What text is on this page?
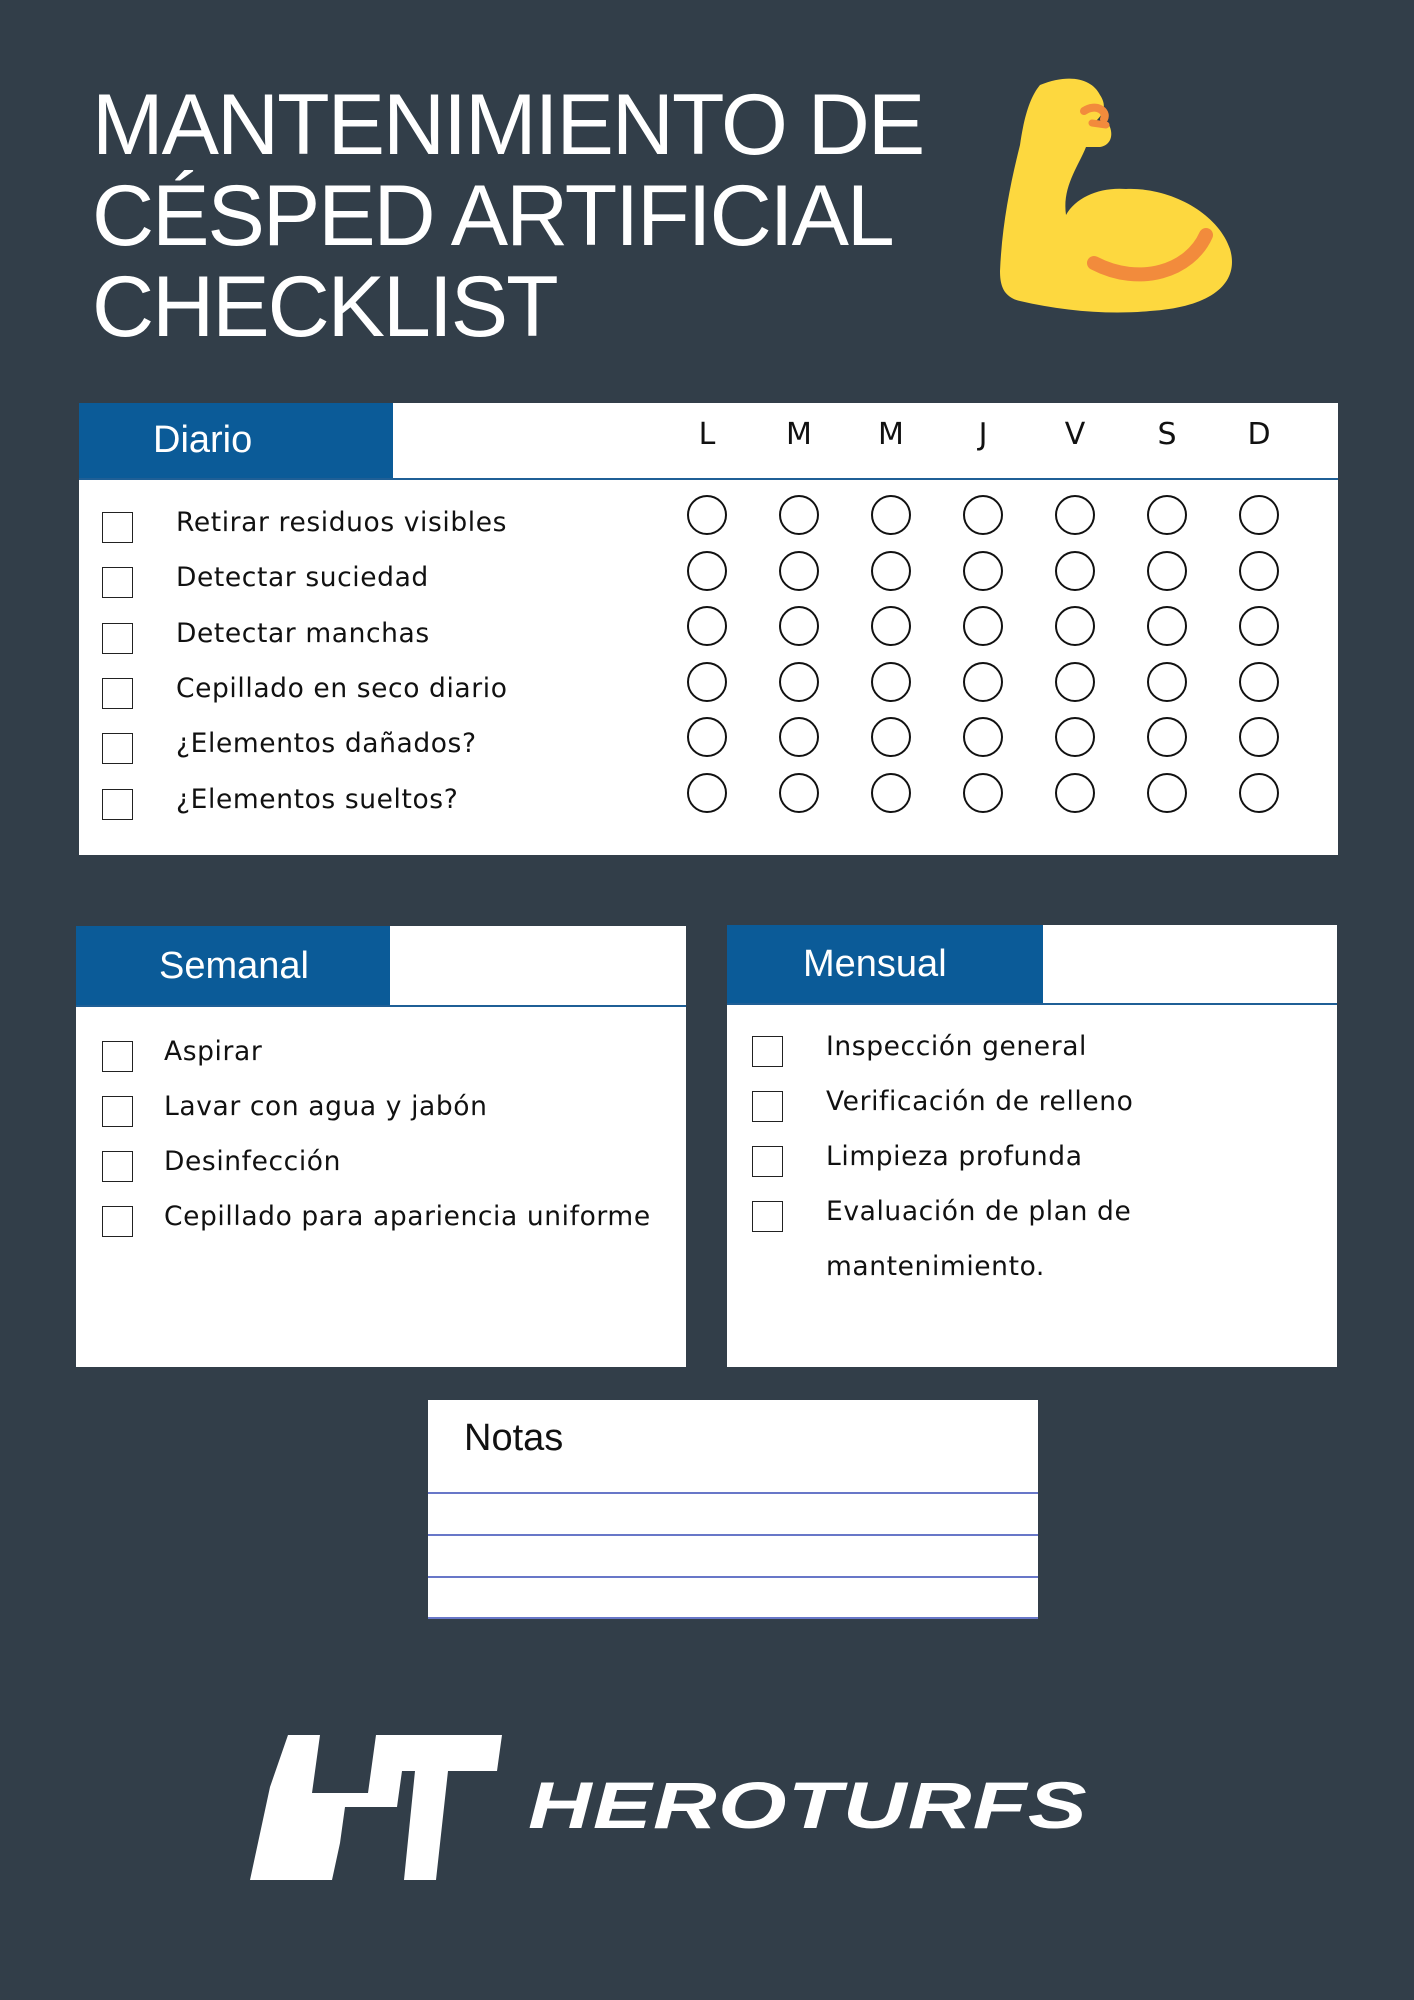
MANTENIMIENTO DE
CÉSPED ARTIFICIAL
CHECKLIST
Diario	L	M	M	J	V	S	D
Retirar residuos visibles
Detectar suciedad
Detectar manchas
Cepillado en seco diario
¿Elementos dañados?
¿Elementos sueltos?
Semanal
Aspirar
Lavar con agua y jabón
Desinfección
Cepillado para apariencia uniforme
Mensual
Inspección general
Verificación de relleno
Limpieza profunda
Evaluación de plan de
mantenimiento.
Notas
HEROTURFS
